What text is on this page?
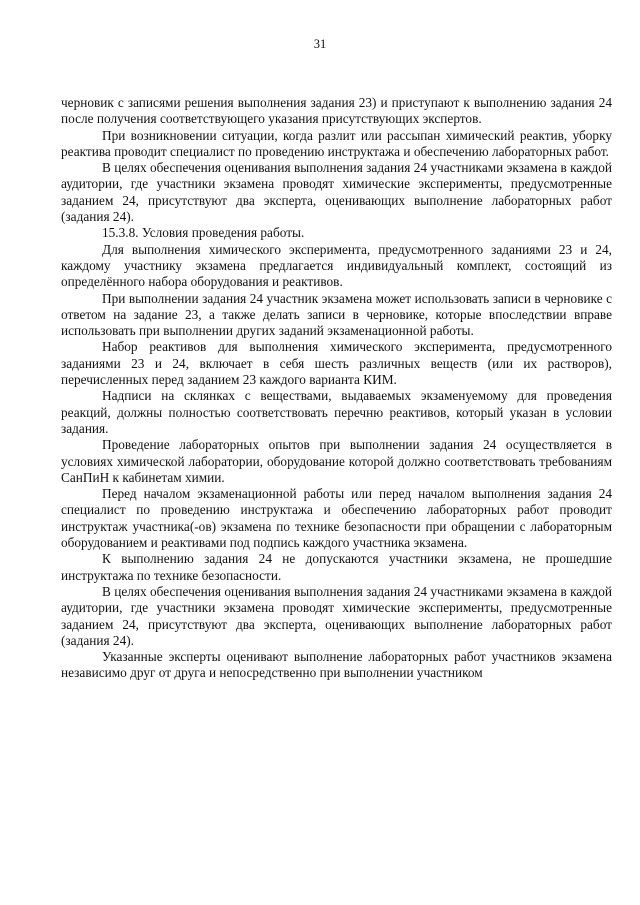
31

черновик с записями решения выполнения задания 23) и приступают к выполнению задания 24 после получения соответствующего указания присутствующих экспертов.

При возникновении ситуации, когда разлит или рассыпан химический реактив, уборку реактива проводит специалист по проведению инструктажа и обеспечению лабораторных работ.

В целях обеспечения оценивания выполнения задания 24 участниками экзамена в каждой аудитории, где участники экзамена проводят химические эксперименты, предусмотренные заданием 24, присутствуют два эксперта, оценивающих выполнение лабораторных работ (задания 24).

15.3.8. Условия проведения работы.

Для выполнения химического эксперимента, предусмотренного заданиями 23 и 24, каждому участнику экзамена предлагается индивидуальный комплект, состоящий из определённого набора оборудования и реактивов.

При выполнении задания 24 участник экзамена может использовать записи в черновике с ответом на задание 23, а также делать записи в черновике, которые впоследствии вправе использовать при выполнении других заданий экзаменационной работы.

Набор реактивов для выполнения химического эксперимента, предусмотренного заданиями 23 и 24, включает в себя шесть различных веществ (или их растворов), перечисленных перед заданием 23 каждого варианта КИМ.

Надписи на склянках с веществами, выдаваемых экзаменуемому для проведения реакций, должны полностью соответствовать перечню реактивов, который указан в условии задания.

Проведение лабораторных опытов при выполнении задания 24 осуществляется в условиях химической лаборатории, оборудование которой должно соответствовать требованиям СанПиН к кабинетам химии.

Перед началом экзаменационной работы или перед началом выполнения задания 24 специалист по проведению инструктажа и обеспечению лабораторных работ проводит инструктаж участника(-ов) экзамена по технике безопасности при обращении с лабораторным оборудованием и реактивами под подпись каждого участника экзамена.

К выполнению задания 24 не допускаются участники экзамена, не прошедшие инструктажа по технике безопасности.

В целях обеспечения оценивания выполнения задания 24 участниками экзамена в каждой аудитории, где участники экзамена проводят химические эксперименты, предусмотренные заданием 24, присутствуют два эксперта, оценивающих выполнение лабораторных работ (задания 24).

Указанные эксперты оценивают выполнение лабораторных работ участников экзамена независимо друг от друга и непосредственно при выполнении участником
